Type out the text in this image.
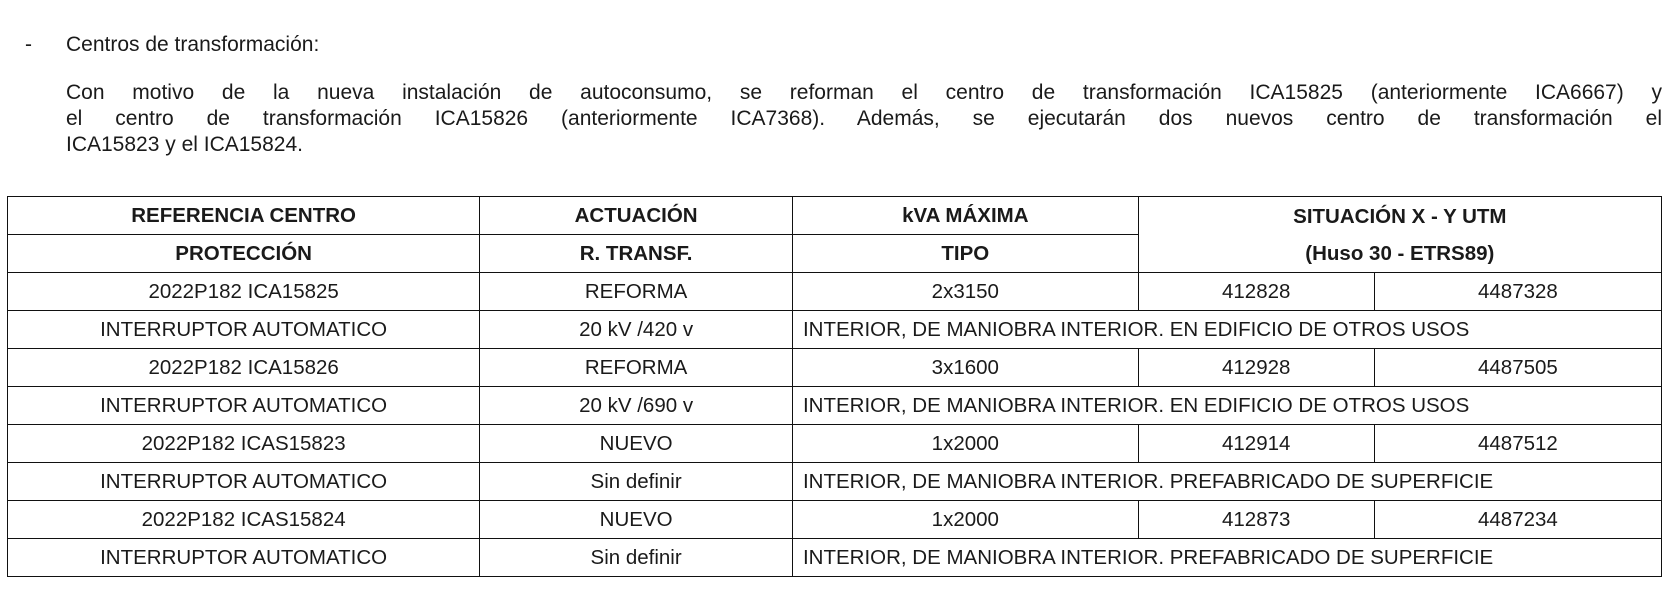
- Centros de transformación:
Con motivo de la nueva instalación de autoconsumo, se reforman el centro de transformación ICA15825 (anteriormente ICA6667) y
el centro de transformación ICA15826 (anteriormente ICA7368). Además, se ejecutarán dos nuevos centro de transformación el
ICA15823 y el ICA15824.
REFERENCIA CENTRO	ACTUACIÓN	kVA MÁXIMA	SITUACIÓN X - Y UTM
(Huso 30 - ETRS89)	

PROTECCIÓN	R. TRANSF.	TIPO		
2022P182 ICA15825	REFORMA	2x3150	412828	4487328
INTERRUPTOR AUTOMATICO	20 kV /420 v	INTERIOR, DE MANIOBRA INTERIOR. EN EDIFICIO DE OTROS USOS		
2022P182 ICA15826	REFORMA	3x1600	412928	4487505
INTERRUPTOR AUTOMATICO	20 kV /690 v	INTERIOR, DE MANIOBRA INTERIOR. EN EDIFICIO DE OTROS USOS		
2022P182 ICAS15823	NUEVO	1x2000	412914	4487512
INTERRUPTOR AUTOMATICO	Sin definir	INTERIOR, DE MANIOBRA INTERIOR. PREFABRICADO DE SUPERFICIE		
2022P182 ICAS15824	NUEVO	1x2000	412873	4487234
INTERRUPTOR AUTOMATICO	Sin definir	INTERIOR, DE MANIOBRA INTERIOR. PREFABRICADO DE SUPERFICIE		
